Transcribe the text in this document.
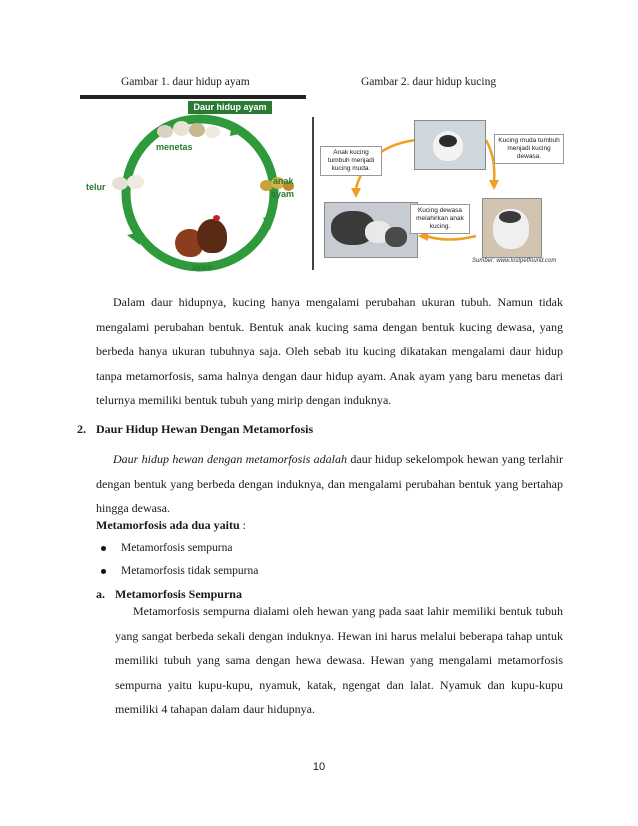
Gambar 1. daur hidup ayam	Gambar 2. daur hidup kucing
Daur hidup ayam
menetas
telur
anak
ayam
ayam
Anak kucing tumbuh menjadi kucing muda.
Kucing muda tumbuh menjadi kucing dewasa.
Kucing dewasa melahirkan anak kucing.
Sumber: www.lostpetfound.com
Dalam daur hidupnya, kucing hanya mengalami perubahan ukuran tubuh. Namun tidak mengalami perubahan bentuk. Bentuk anak kucing sama dengan bentuk kucing dewasa, yang berbeda hanya ukuran tubuhnya saja. Oleh sebab itu kucing dikatakan mengalami daur hidup tanpa metamorfosis, sama halnya dengan daur hidup ayam. Anak ayam yang baru menetas dari telurnya memiliki bentuk tubuh yang mirip dengan induknya.
2. Daur Hidup Hewan Dengan Metamorfosis
Daur hidup hewan dengan metamorfosis adalah daur hidup sekelompok hewan yang terlahir dengan bentuk yang berbeda dengan induknya, dan mengalami perubahan bentuk yang bertahap hingga dewasa.
Metamorfosis ada dua yaitu :
Metamorfosis sempurna
Metamorfosis tidak sempurna
a. Metamorfosis Sempurna
Metamorfosis sempurna dialami oleh hewan yang pada saat lahir memiliki bentuk tubuh yang sangat berbeda sekali dengan induknya. Hewan ini harus melalui beberapa tahap untuk memiliki tubuh yang sama dengan hewa dewasa. Hewan yang mengalami metamorfosis sempurna yaitu kupu-kupu, nyamuk, katak, ngengat dan lalat. Nyamuk dan kupu-kupu memiliki 4 tahapan dalam daur hidupnya.
10
